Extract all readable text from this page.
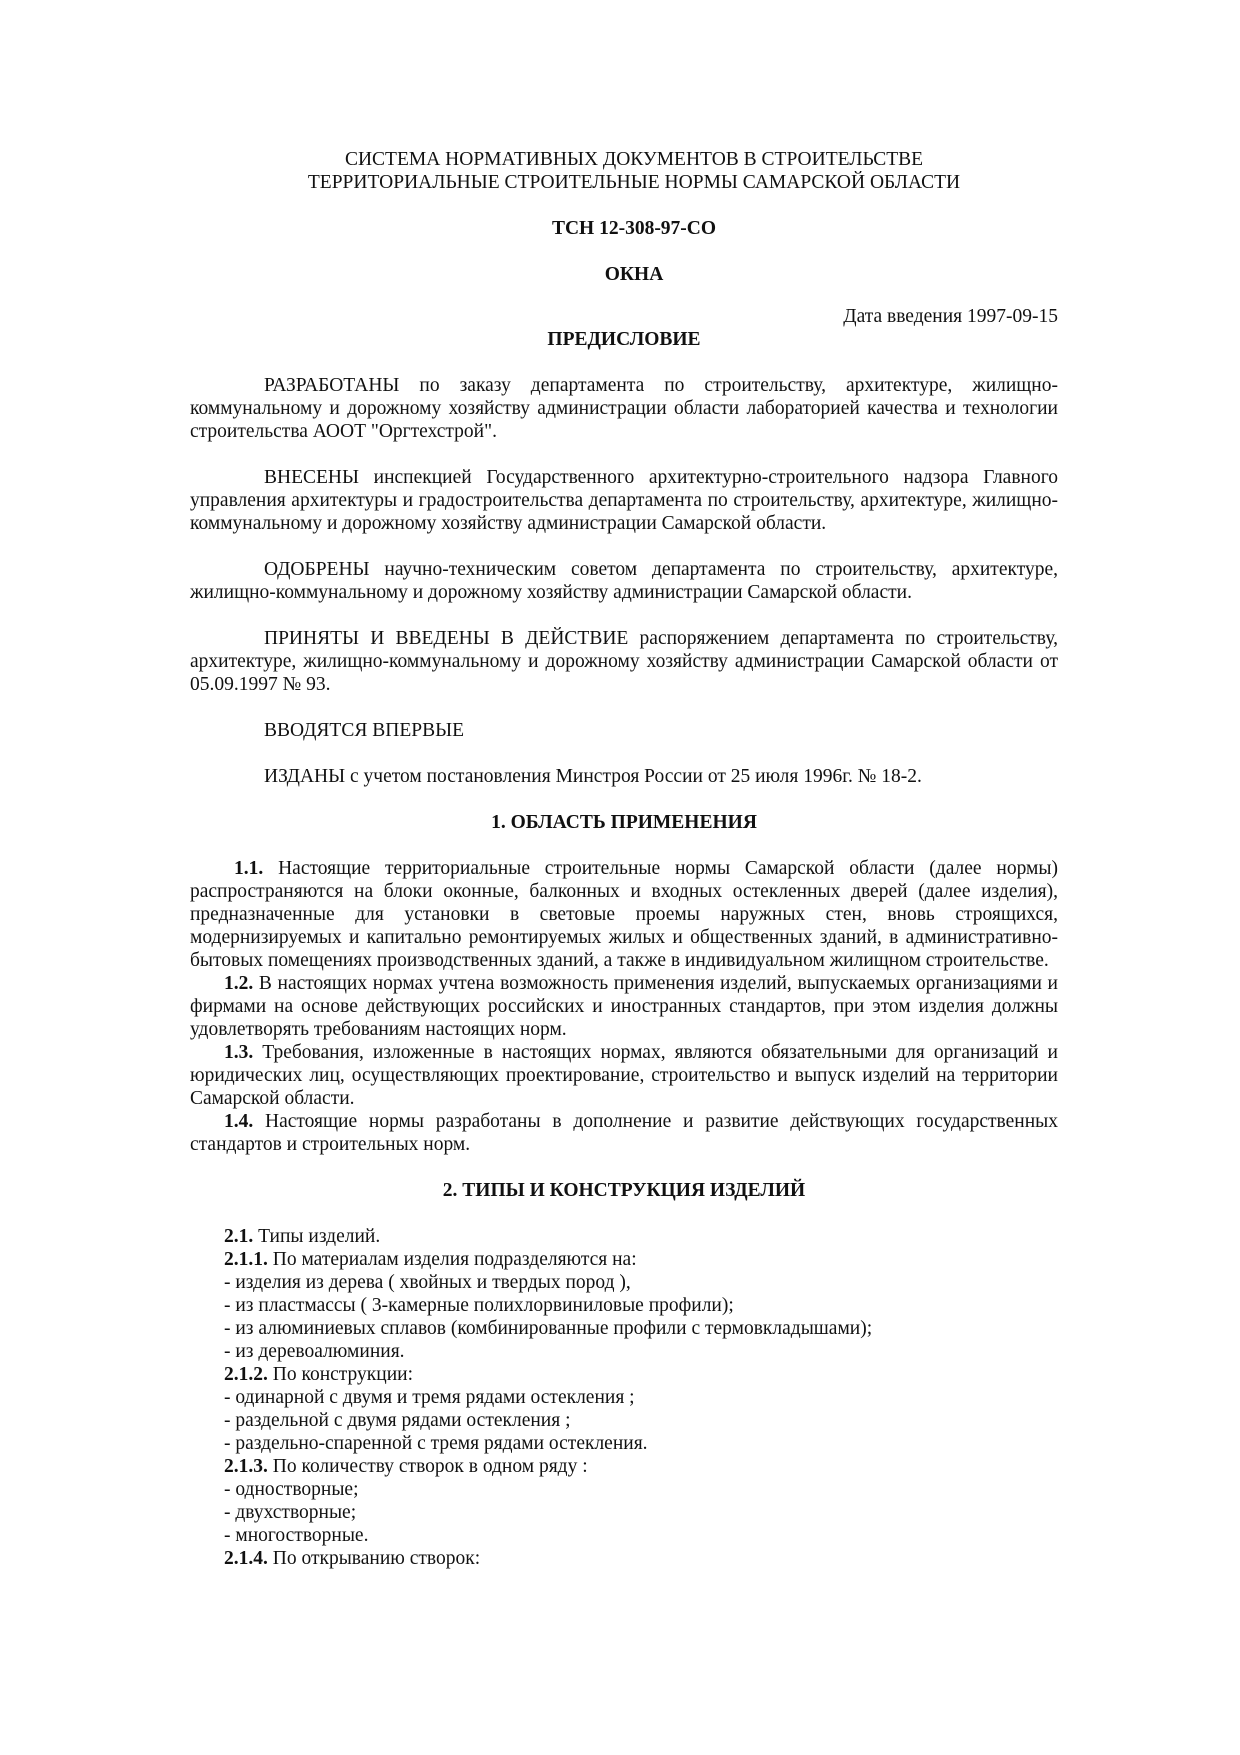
СИСТЕМА НОРМАТИВНЫХ ДОКУМЕНТОВ В СТРОИТЕЛЬСТВЕ
ТЕРРИТОРИАЛЬНЫЕ СТРОИТЕЛЬНЫЕ НОРМЫ САМАРСКОЙ ОБЛАСТИ
ТСН 12-308-97-СО
ОКНА
Дата введения 1997-09-15
ПРЕДИСЛОВИЕ

РАЗРАБОТАНЫ по заказу департамента по строительству, архитектуре, жилищно-коммунальному и дорожному хозяйству администрации области лабораторией качества и технологии строительства АООТ "Оргтехстрой".

ВНЕСЕНЫ инспекцией Государственного архитектурно-строительного надзора Главного управления архитектуры и градостроительства департамента по строительству, архитектуре, жилищно-коммунальному и дорожному хозяйству администрации Самарской области.

ОДОБРЕНЫ научно-техническим советом департамента по строительству, архитектуре, жилищно-коммунальному и дорожному хозяйству администрации Самарской области.

ПРИНЯТЫ И ВВЕДЕНЫ В ДЕЙСТВИЕ распоряжением департамента по строительству, архитектуре, жилищно-коммунальному и дорожному хозяйству администрации Самарской области от 05.09.1997 № 93.

ВВОДЯТСЯ ВПЕРВЫЕ

ИЗДАНЫ с учетом постановления Минстроя России от 25 июля 1996г. № 18-2.

1. ОБЛАСТЬ ПРИМЕНЕНИЯ

1.1. Настоящие территориальные строительные нормы Самарской области (далее нормы) распространяются на блоки оконные, балконных и входных остекленных дверей (далее изделия), предназначенные для установки в световые проемы наружных стен, вновь строящихся, модернизируемых и капитально ремонтируемых жилых и общественных зданий, в административно-бытовых помещениях производственных зданий, а также в индивидуальном жилищном строительстве.

1.2. В настоящих нормах учтена возможность применения изделий, выпускаемых организациями и фирмами на основе действующих российских и иностранных стандартов, при этом изделия должны удовлетворять требованиям настоящих норм.

1.3. Требования, изложенные в настоящих нормах, являются обязательными для организаций и юридических лиц, осуществляющих проектирование, строительство и выпуск изделий на территории Самарской области.

1.4. Настоящие нормы разработаны в дополнение и развитие действующих государственных стандартов и строительных норм.

2. ТИПЫ И КОНСТРУКЦИЯ ИЗДЕЛИЙ
2.1. Типы изделий.
2.1.1. По материалам изделия подразделяются на:
- изделия из дерева ( хвойных и твердых пород ),
- из пластмассы ( 3-камерные полихлорвиниловые профили);
- из алюминиевых сплавов (комбинированные профили с термовкладышами);
- из деревоалюминия.
2.1.2. По конструкции:
- одинарной с двумя и тремя рядами остекления ;
- раздельной с двумя рядами остекления ;
- раздельно-спаренной с тремя рядами остекления.
2.1.3. По количеству створок в одном ряду :
- одностворные;
- двухстворные;
- многостворные.
2.1.4. По открыванию створок:
